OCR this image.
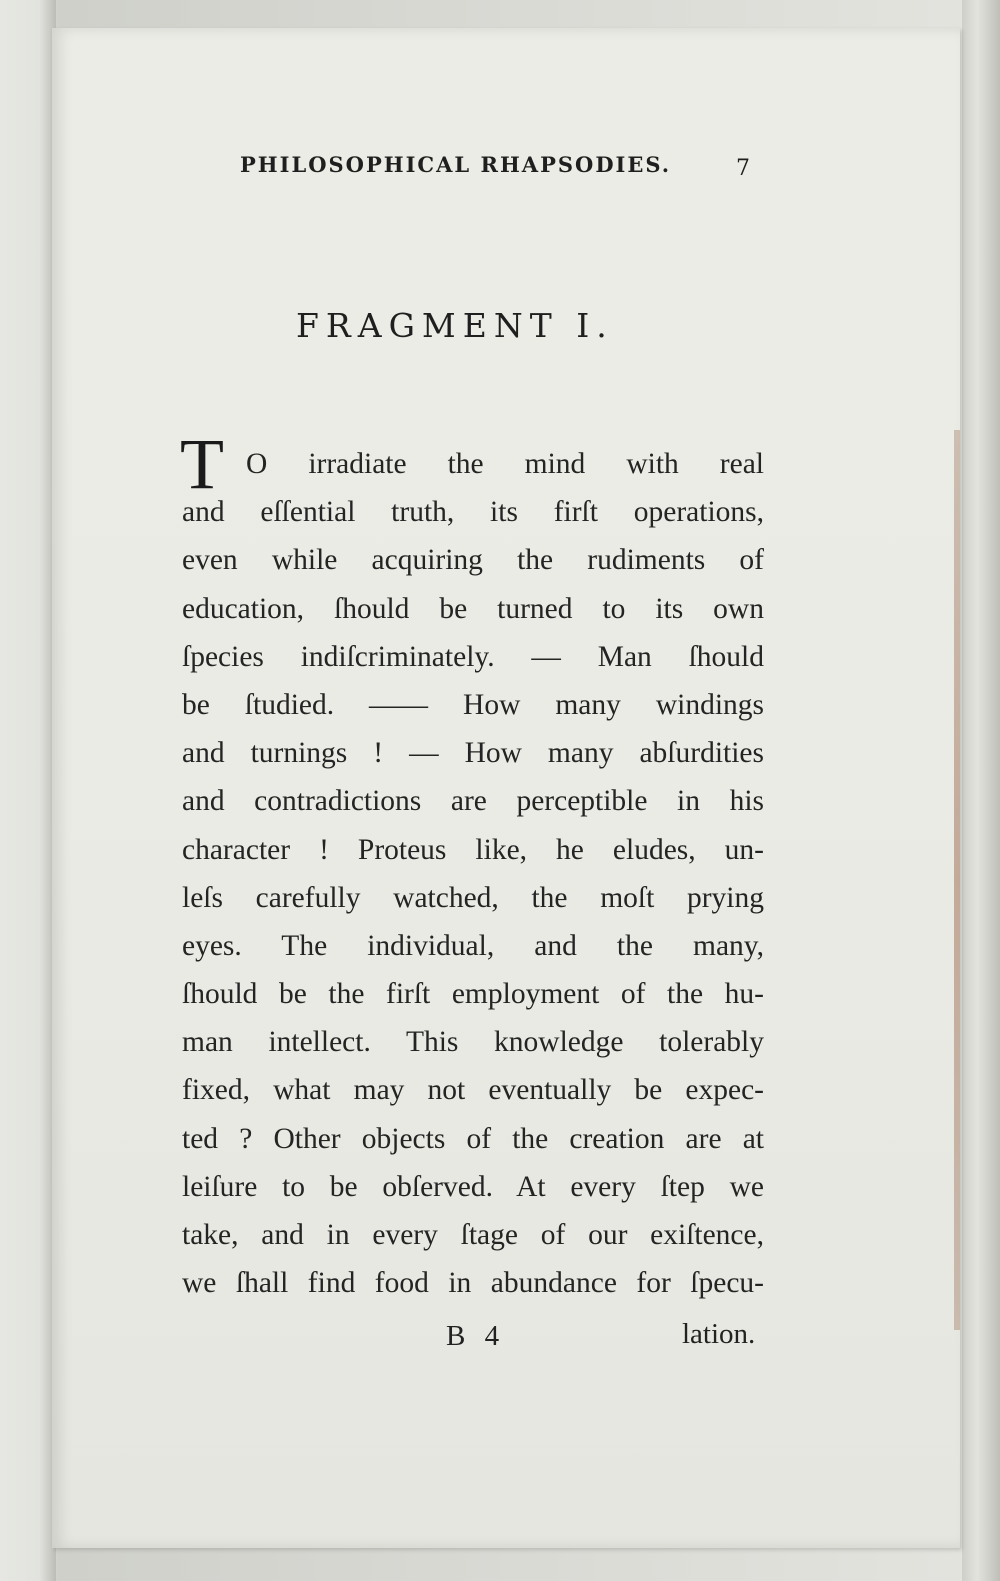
PHILOSOPHICAL RHAPSODIES.	7
FRAGMENT I.
T O irradiate the mind with real
and eſſential truth, its firſt operations,
even while acquiring the rudiments of
education, ſhould be turned to its own
ſpecies indiſcriminately. — Man ſhould
be ſtudied. —— How many windings
and turnings ! — How many abſurdities
and contradictions are perceptible in his
character ! Proteus like, he eludes, un-
leſs carefully watched, the moſt prying
eyes. The individual, and the many,
ſhould be the firſt employment of the hu-
man intellect. This knowledge tolerably
fixed, what may not eventually be expec-
ted ? Other objects of the creation are at
leiſure to be obſerved. At every ſtep we
take, and in every ſtage of our exiſtence,
we ſhall find food in abundance for ſpecu-
B 4	lation.
